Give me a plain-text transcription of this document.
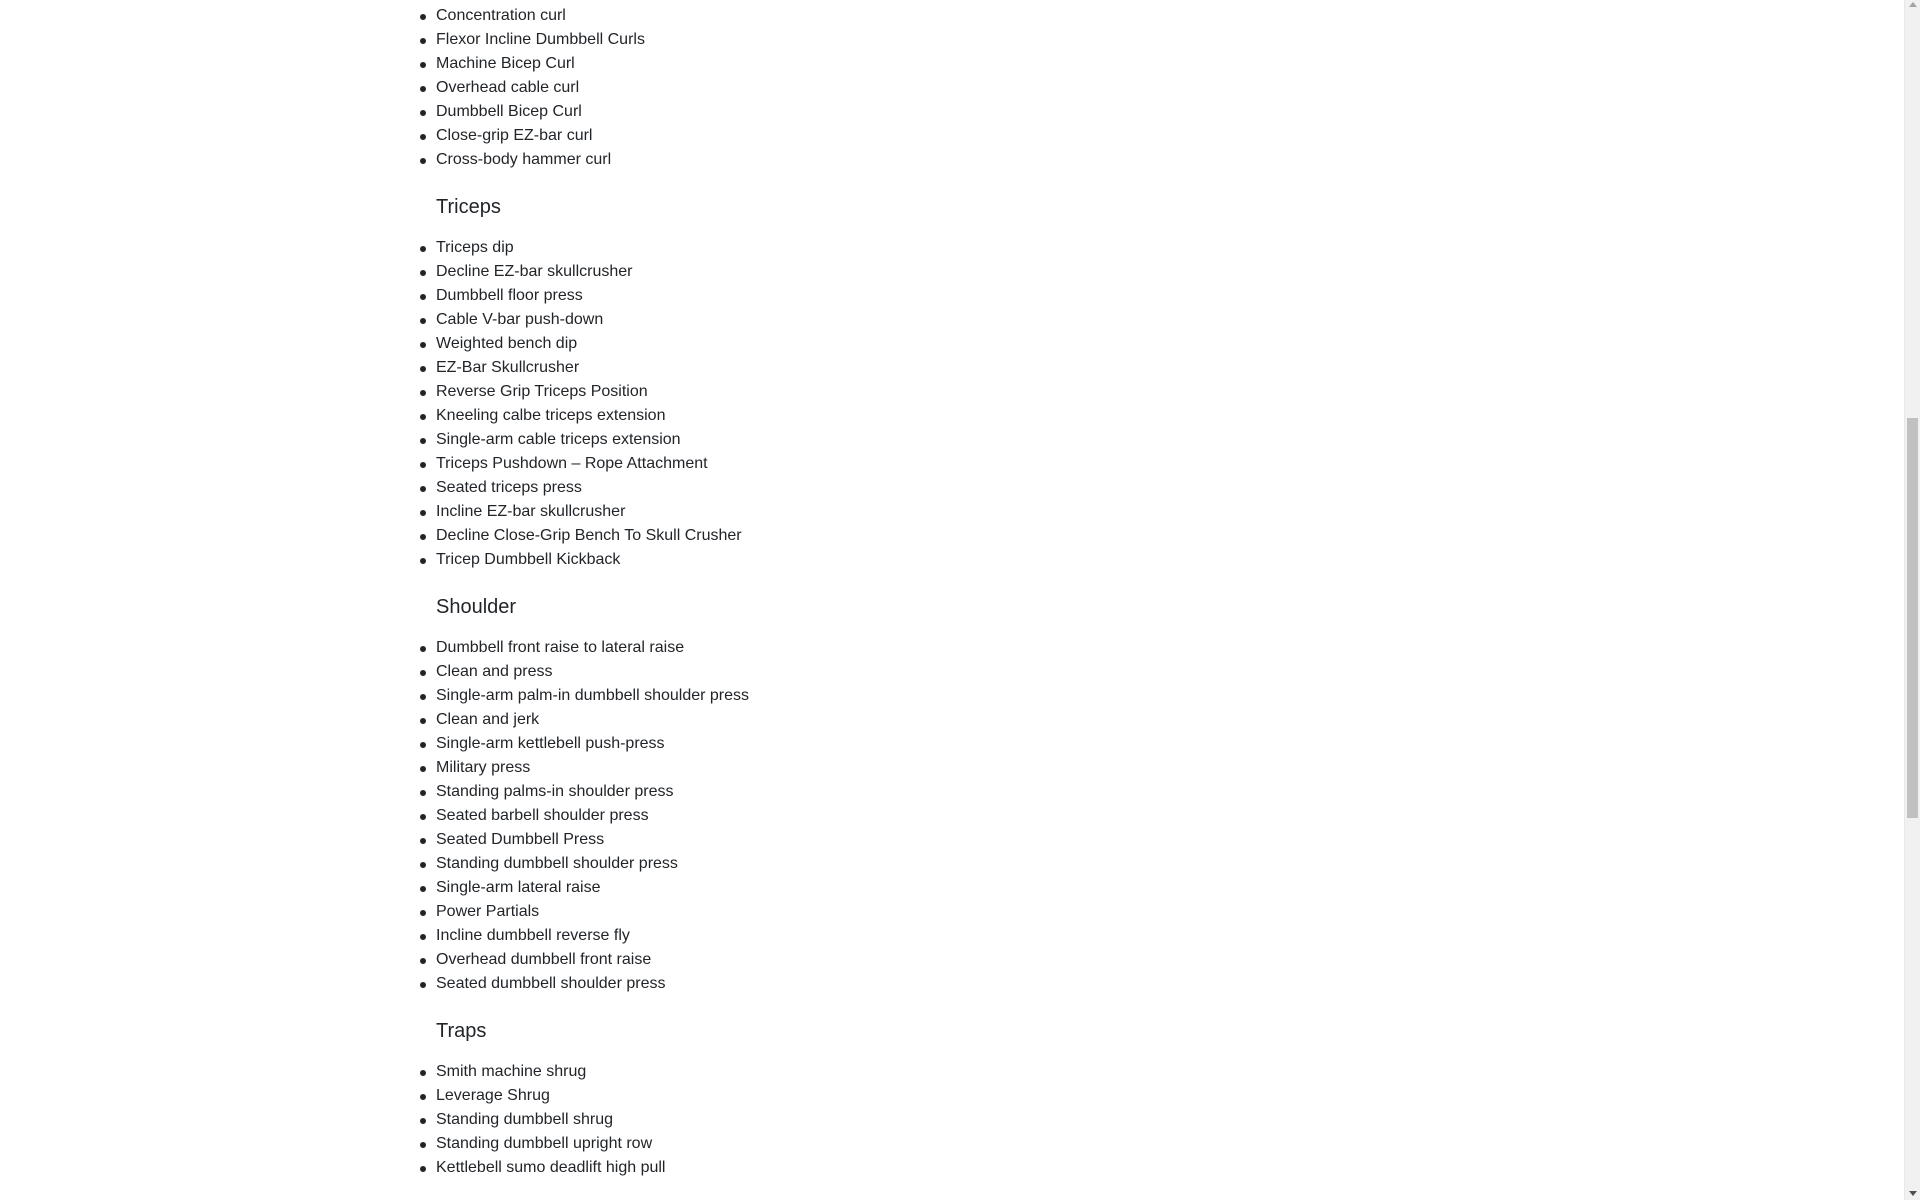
Concentration curl
Flexor Incline Dumbbell Curls
Machine Bicep Curl
Overhead cable curl
Dumbbell Bicep Curl
Close-grip EZ-bar curl
Cross-body hammer curl
Triceps
Triceps dip
Decline EZ-bar skullcrusher
Dumbbell floor press
Cable V-bar push-down
Weighted bench dip
EZ-Bar Skullcrusher
Reverse Grip Triceps Position
Kneeling calbe triceps extension
Single-arm cable triceps extension
Triceps Pushdown – Rope Attachment
Seated triceps press
Incline EZ-bar skullcrusher
Decline Close-Grip Bench To Skull Crusher
Tricep Dumbbell Kickback
Shoulder
Dumbbell front raise to lateral raise
Clean and press
Single-arm palm-in dumbbell shoulder press
Clean and jerk
Single-arm kettlebell push-press
Military press
Standing palms-in shoulder press
Seated barbell shoulder press
Seated Dumbbell Press
Standing dumbbell shoulder press
Single-arm lateral raise
Power Partials
Incline dumbbell reverse fly
Overhead dumbbell front raise
Seated dumbbell shoulder press
Traps
Smith machine shrug
Leverage Shrug
Standing dumbbell shrug
Standing dumbbell upright row
Kettlebell sumo deadlift high pull
